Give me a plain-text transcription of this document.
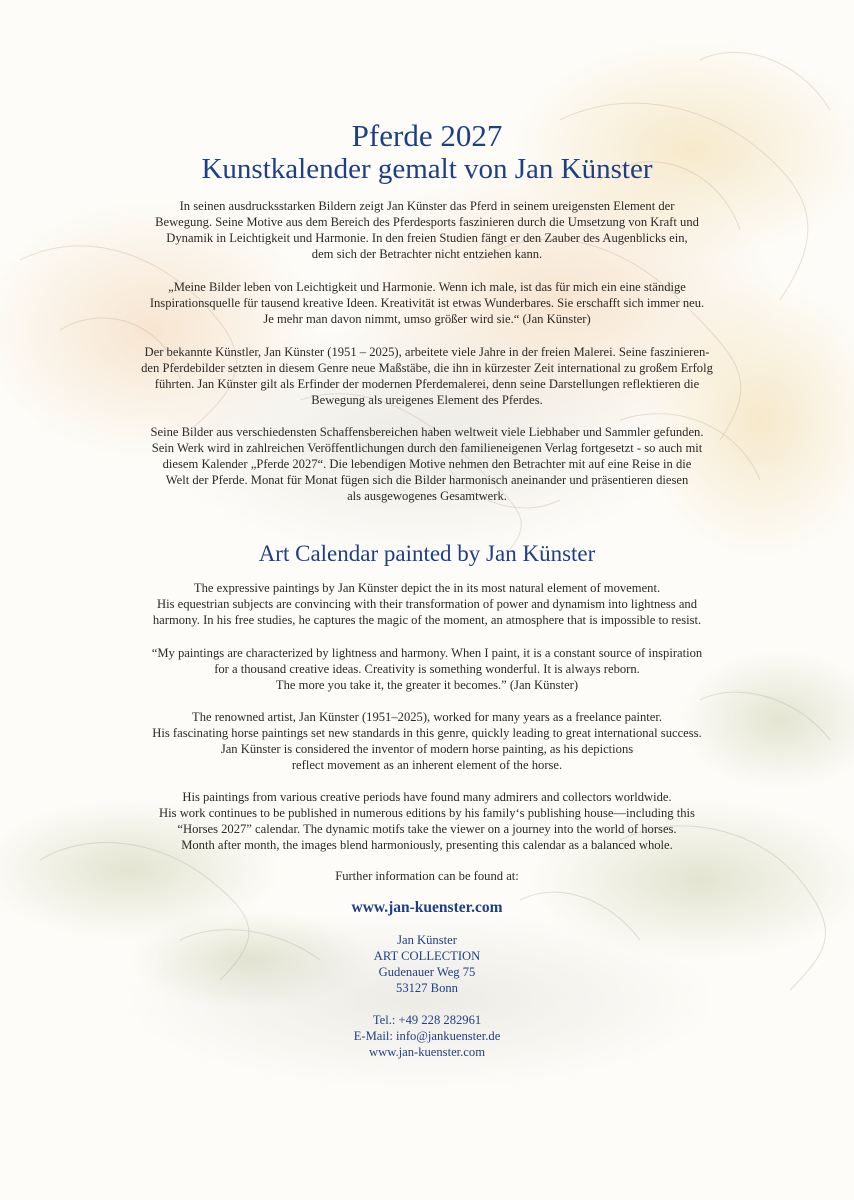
Pferde 2027
Kunstkalender gemalt von Jan Künster

In seinen ausdrucksstarken Bildern zeigt Jan Künster das Pferd in seinem ureigensten Element der
Bewegung. Seine Motive aus dem Bereich des Pferdesports faszinieren durch die Umsetzung von Kraft und
Dynamik in Leichtigkeit und Harmonie. In den freien Studien fängt er den Zauber des Augenblicks ein,
dem sich der Betrachter nicht entziehen kann.

„Meine Bilder leben von Leichtigkeit und Harmonie. Wenn ich male, ist das für mich ein eine ständige
Inspirationsquelle für tausend kreative Ideen. Kreativität ist etwas Wunderbares. Sie erschafft sich immer neu.
Je mehr man davon nimmt, umso größer wird sie.“ (Jan Künster)

Der bekannte Künstler, Jan Künster (1951 – 2025), arbeitete viele Jahre in der freien Malerei. Seine faszinieren-
den Pferdebilder setzten in diesem Genre neue Maßstäbe, die ihn in kürzester Zeit international zu großem Erfolg
führten. Jan Künster gilt als Erfinder der modernen Pferdemalerei, denn seine Darstellungen reflektieren die
Bewegung als ureigenes Element des Pferdes.

Seine Bilder aus verschiedensten Schaffensbereichen haben weltweit viele Liebhaber und Sammler gefunden.
Sein Werk wird in zahlreichen Veröffentlichungen durch den familieneigenen Verlag fortgesetzt - so auch mit
diesem Kalender „Pferde 2027“. Die lebendigen Motive nehmen den Betrachter mit auf eine Reise in die
Welt der Pferde. Monat für Monat fügen sich die Bilder harmonisch aneinander und präsentieren diesen
als ausgewogenes Gesamtwerk.

Art Calendar painted by Jan Künster

The expressive paintings by Jan Künster depict the in its most natural element of movement.
His equestrian subjects are convincing with their transformation of power and dynamism into lightness and
harmony. In his free studies, he captures the magic of the moment, an atmosphere that is impossible to resist.

“My paintings are characterized by lightness and harmony. When I paint, it is a constant source of inspiration
for a thousand creative ideas. Creativity is something wonderful. It is always reborn.
The more you take it, the greater it becomes.” (Jan Künster)

The renowned artist, Jan Künster (1951–2025), worked for many years as a freelance painter.
His fascinating horse paintings set new standards in this genre, quickly leading to great international success.
Jan Künster is considered the inventor of modern horse painting, as his depictions
reflect movement as an inherent element of the horse.

His paintings from various creative periods have found many admirers and collectors worldwide.
His work continues to be published in numerous editions by his family‘s publishing house—including this
“Horses 2027” calendar. The dynamic motifs take the viewer on a journey into the world of horses.
Month after month, the images blend harmoniously, presenting this calendar as a balanced whole.

Further information can be found at:
www.jan-kuenster.com
Jan Künster
ART COLLECTION
Gudenauer Weg 75
53127 Bonn
Tel.: +49 228 282961
E-Mail: info@jankuenster.de
www.jan-kuenster.com
